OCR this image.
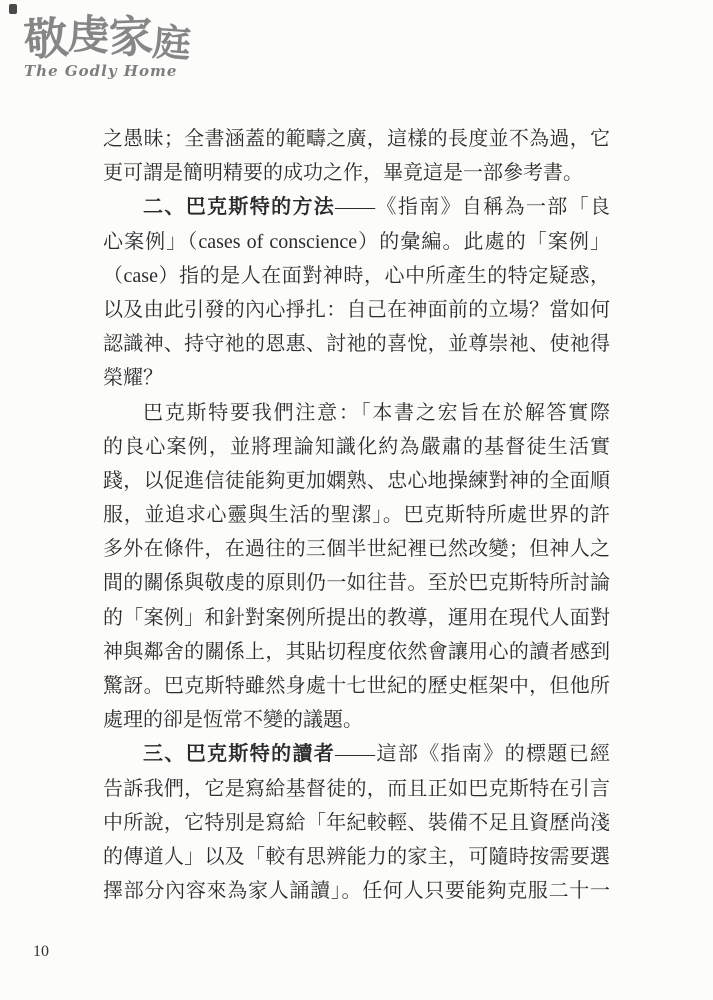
敬虔家庭
The Godly Home
之愚昧；全書涵蓋的範疇之廣，這樣的長度並不為過，它
更可謂是簡明精要的成功之作，畢竟這是一部參考書。
二、巴克斯特的方法——《指南》自稱為一部「良
心案例」（cases of conscience）的彙編。此處的「案例」
（case）指的是人在面對神時，心中所產生的特定疑惑，
以及由此引發的內心掙扎：自己在神面前的立場？當如何
認識神、持守祂的恩惠、討祂的喜悅，並尊崇祂、使祂得
榮耀？
巴克斯特要我們注意：「本書之宏旨在於解答實際
的良心案例，並將理論知識化約為嚴肅的基督徒生活實
踐，以促進信徒能夠更加嫻熟、忠心地操練對神的全面順
服，並追求心靈與生活的聖潔」。巴克斯特所處世界的許
多外在條件，在過往的三個半世紀裡已然改變；但神人之
間的關係與敬虔的原則仍一如往昔。至於巴克斯特所討論
的「案例」和針對案例所提出的教導，運用在現代人面對
神與鄰舍的關係上，其貼切程度依然會讓用心的讀者感到
驚訝。巴克斯特雖然身處十七世紀的歷史框架中，但他所
處理的卻是恆常不變的議題。
三、巴克斯特的讀者——這部《指南》的標題已經
告訴我們，它是寫給基督徒的，而且正如巴克斯特在引言
中所說，它特別是寫給「年紀較輕、裝備不足且資歷尚淺
的傳道人」以及「較有思辨能力的家主，可隨時按需要選
擇部分內容來為家人誦讀」。任何人只要能夠克服二十一
10
